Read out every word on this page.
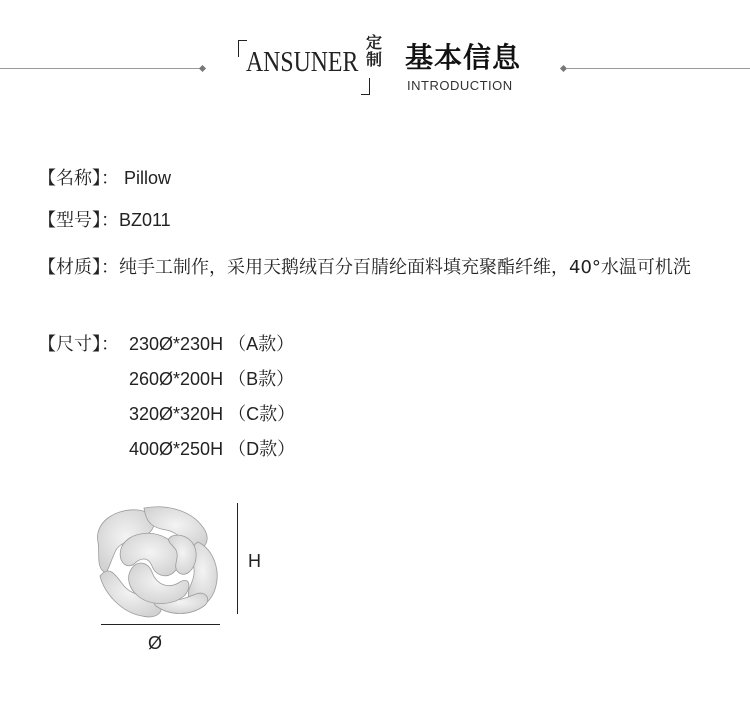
ANSUNER
定制 基本信息
INTRODUCTION
【名称】： Pillow
【型号】：BZ011
【材质】：纯手工制作，采用天鹅绒百分百腈纶面料填充聚酯纤维，40°水温可机洗
【尺寸】： 230Ø*230H （A款）
260Ø*200H （B款）
320Ø*320H （C款）
400Ø*250H （D款）
H
Ø
